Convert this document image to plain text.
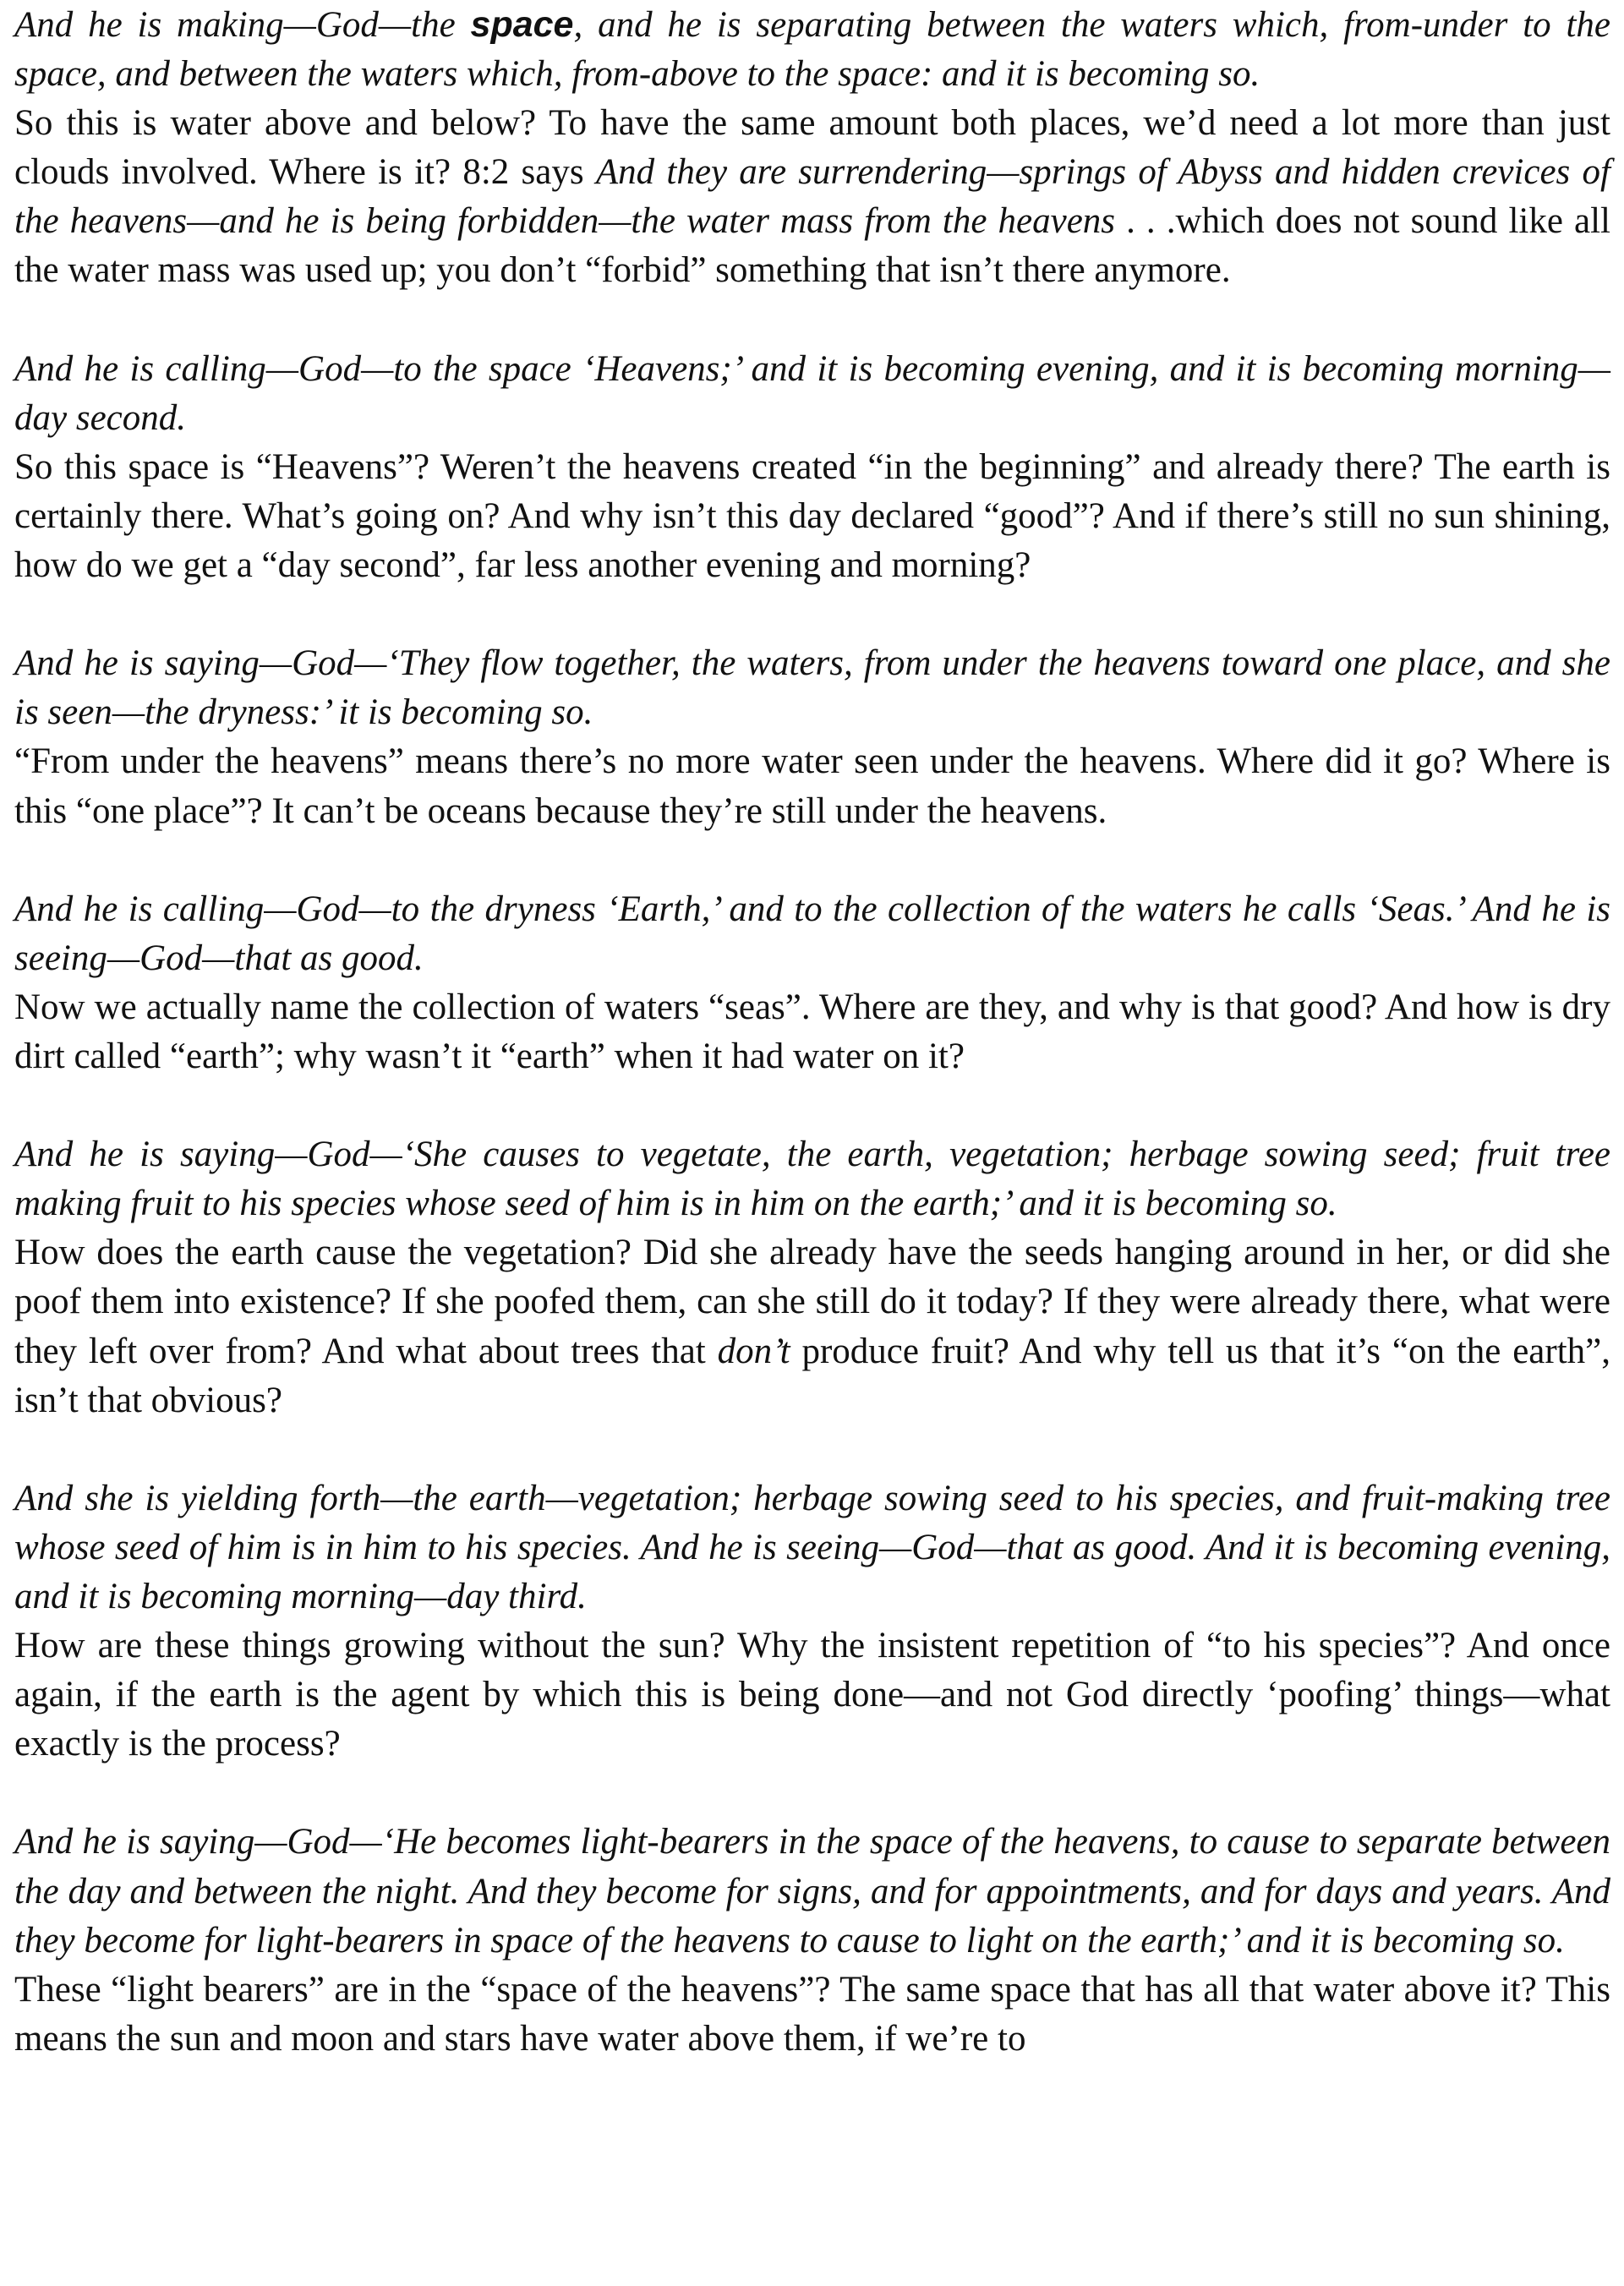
And he is making—God—the space, and he is separating between the waters which, from-under to the space, and between the waters which, from-above to the space: and it is becoming so.

So this is water above and below? To have the same amount both places, we’d need a lot more than just clouds involved. Where is it? 8:2 says And they are surrendering—springs of Abyss and hidden crevices of the heavens—and he is being forbidden—the water mass from the heavens . . .which does not sound like all the water mass was used up; you don’t “forbid” something that isn’t there anymore.

And he is calling—God—to the space ‘Heavens;’ and it is becoming evening, and it is becoming morning—day second.

So this space is “Heavens”? Weren’t the heavens created “in the beginning” and already there? The earth is certainly there. What’s going on? And why isn’t this day declared “good”? And if there’s still no sun shining, how do we get a “day second”, far less another evening and morning?

And he is saying—God—‘They flow together, the waters, from under the heavens toward one place, and she is seen—the dryness:’ it is becoming so.

“From under the heavens” means there’s no more water seen under the heavens. Where did it go? Where is this “one place”? It can’t be oceans because they’re still under the heavens.

And he is calling—God—to the dryness ‘Earth,’ and to the collection of the waters he calls ‘Seas.’ And he is seeing—God—that as good.

Now we actually name the collection of waters “seas”. Where are they, and why is that good? And how is dry dirt called “earth”; why wasn’t it “earth” when it had water on it?

And he is saying—God—‘She causes to vegetate, the earth, vegetation; herbage sowing seed; fruit tree making fruit to his species whose seed of him is in him on the earth;’ and it is becoming so.

How does the earth cause the vegetation? Did she already have the seeds hanging around in her, or did she poof them into existence? If she poofed them, can she still do it today? If they were already there, what were they left over from? And what about trees that don’t produce fruit? And why tell us that it’s “on the earth”, isn’t that obvious?

And she is yielding forth—the earth—vegetation; herbage sowing seed to his species, and fruit-making tree whose seed of him is in him to his species. And he is seeing—God—that as good. And it is becoming evening, and it is becoming morning—day third.

How are these things growing without the sun? Why the insistent repetition of “to his species”? And once again, if the earth is the agent by which this is being done—and not God directly ‘poofing’ things—what exactly is the process?

And he is saying—God—‘He becomes light-bearers in the space of the heavens, to cause to separate between the day and between the night. And they become for signs, and for appointments, and for days and years. And they become for light-bearers in space of the heavens to cause to light on the earth;’ and it is becoming so.

These “light bearers” are in the “space of the heavens”? The same space that has all that water above it? This means the sun and moon and stars have water above them, if we’re to
